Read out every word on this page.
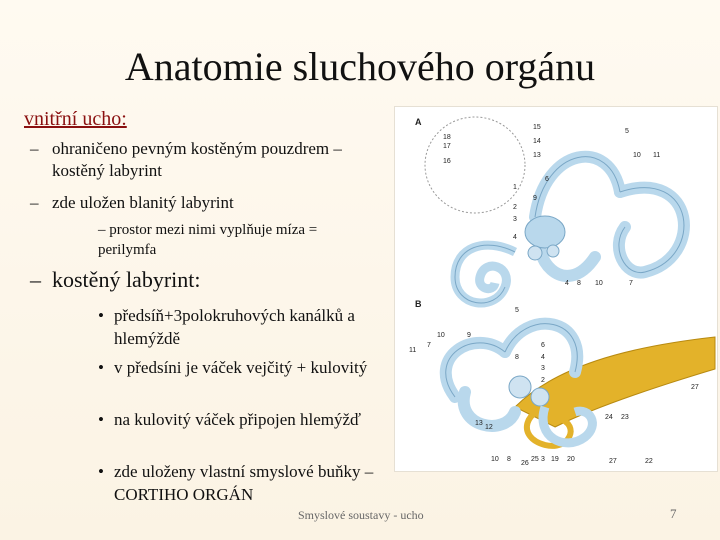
Anatomie sluchového orgánu
vnitřní ucho:
– ohraničeno pevným kostěným pouzdrem – kostěný labyrint
– zde uložen blanitý labyrint
– prostor mezi nimi vyplňuje míza = perilymfa
– kostěný labyrint:
• předsíň+3polokruhových kanálků a hlemýždě
• v předsíni je váček vejčitý + kulovitý
• na kulovitý váček připojen hlemýžď
• zde uloženy vlastní smyslové buňky – CORTIHO ORGÁN
A
15
5
18
17
14
16
10 11
13
6
1
2
9
3
4
4 8 10	7
B
5
10	9
7
11
8
6
4
3
2
13
12
27
24 23
10 8
26
25 3 19 20	27	22
Smyslové soustavy - ucho	7
